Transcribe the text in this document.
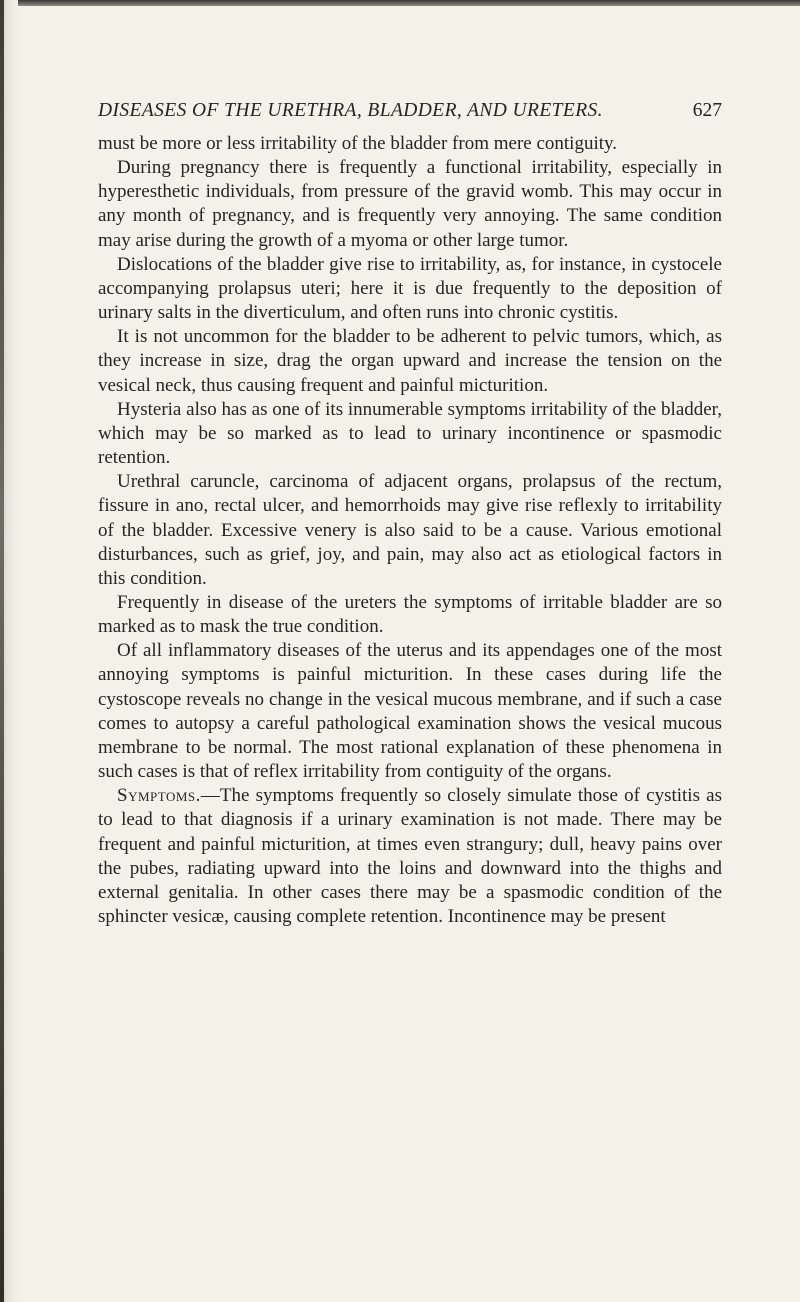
DISEASES OF THE URETHRA, BLADDER, AND URETERS.	627

must be more or less irritability of the bladder from mere contiguity.

During pregnancy there is frequently a functional irritability, especially in hyperesthetic individuals, from pressure of the gravid womb. This may occur in any month of pregnancy, and is frequently very annoying. The same condition may arise during the growth of a myoma or other large tumor.

Dislocations of the bladder give rise to irritability, as, for instance, in cystocele accompanying prolapsus uteri; here it is due frequently to the deposition of urinary salts in the diverticulum, and often runs into chronic cystitis.

It is not uncommon for the bladder to be adherent to pelvic tumors, which, as they increase in size, drag the organ upward and increase the tension on the vesical neck, thus causing frequent and painful micturition.

Hysteria also has as one of its innumerable symptoms irritability of the bladder, which may be so marked as to lead to urinary incontinence or spasmodic retention.

Urethral caruncle, carcinoma of adjacent organs, prolapsus of the rectum, fissure in ano, rectal ulcer, and hemorrhoids may give rise reflexly to irritability of the bladder. Excessive venery is also said to be a cause. Various emotional disturbances, such as grief, joy, and pain, may also act as etiological factors in this condition.

Frequently in disease of the ureters the symptoms of irritable bladder are so marked as to mask the true condition.

Of all inflammatory diseases of the uterus and its appendages one of the most annoying symptoms is painful micturition. In these cases during life the cystoscope reveals no change in the vesical mucous membrane, and if such a case comes to autopsy a careful pathological examination shows the vesical mucous membrane to be normal. The most rational explanation of these phenomena in such cases is that of reflex irritability from contiguity of the organs.

Symptoms.—The symptoms frequently so closely simulate those of cystitis as to lead to that diagnosis if a urinary examination is not made. There may be frequent and painful micturition, at times even strangury; dull, heavy pains over the pubes, radiating upward into the loins and downward into the thighs and external genitalia. In other cases there may be a spasmodic condition of the sphincter vesicæ, causing complete retention. Incontinence may be present
